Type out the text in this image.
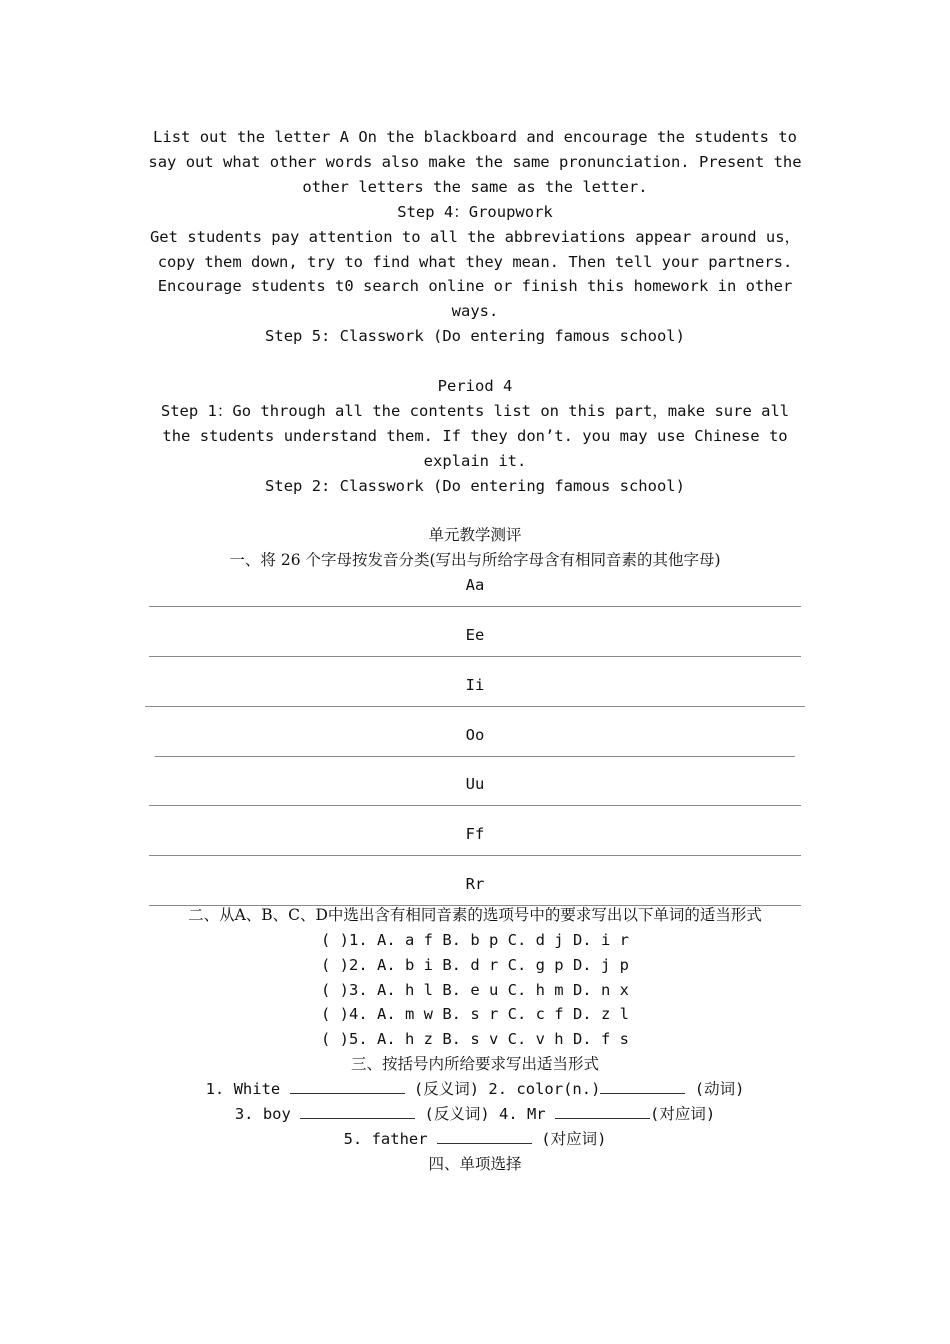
List out the letter A On the blackboard and encourage the students to say out what other words also make the same pronunciation. Present the other letters the same as the letter.

Step 4：Groupwork

Get students pay attention to all the abbreviations appear around us，copy them down, try to find what they mean. Then tell your partners. Encourage students t0 search online or finish this homework in other ways.

Step 5: Classwork (Do entering famous school)

Period 4

Step 1：Go through all the contents list on this part，make sure all the students understand them. If they don’t. you may use Chinese to explain it.

Step 2: Classwork (Do entering famous school)

单元教学测评

一、将 26 个字母按发音分类(写出与所给字母含有相同音素的其他字母)

Aa
Ee
Ii
Oo
Uu
Ff
Rr

二、从A、B、C、D中选出含有相同音素的选项号中的要求写出以下单词的适当形式

( )1. A. a f B. b p C. d j D. i r
( )2. A. b i B. d r C. g p D. j p
( )3. A. h l B. e u C. h m D. n x
( )4. A. m w B. s r C. c f D. z l
( )5. A. h z B. s v C. v h D. f s

三、按括号内所给要求写出适当形式

1. White	(反义词) 2. color(n.)	(动词)

3. boy	(反义词) 4. Mr	(对应词)

5. father	(对应词)

四、单项选择
